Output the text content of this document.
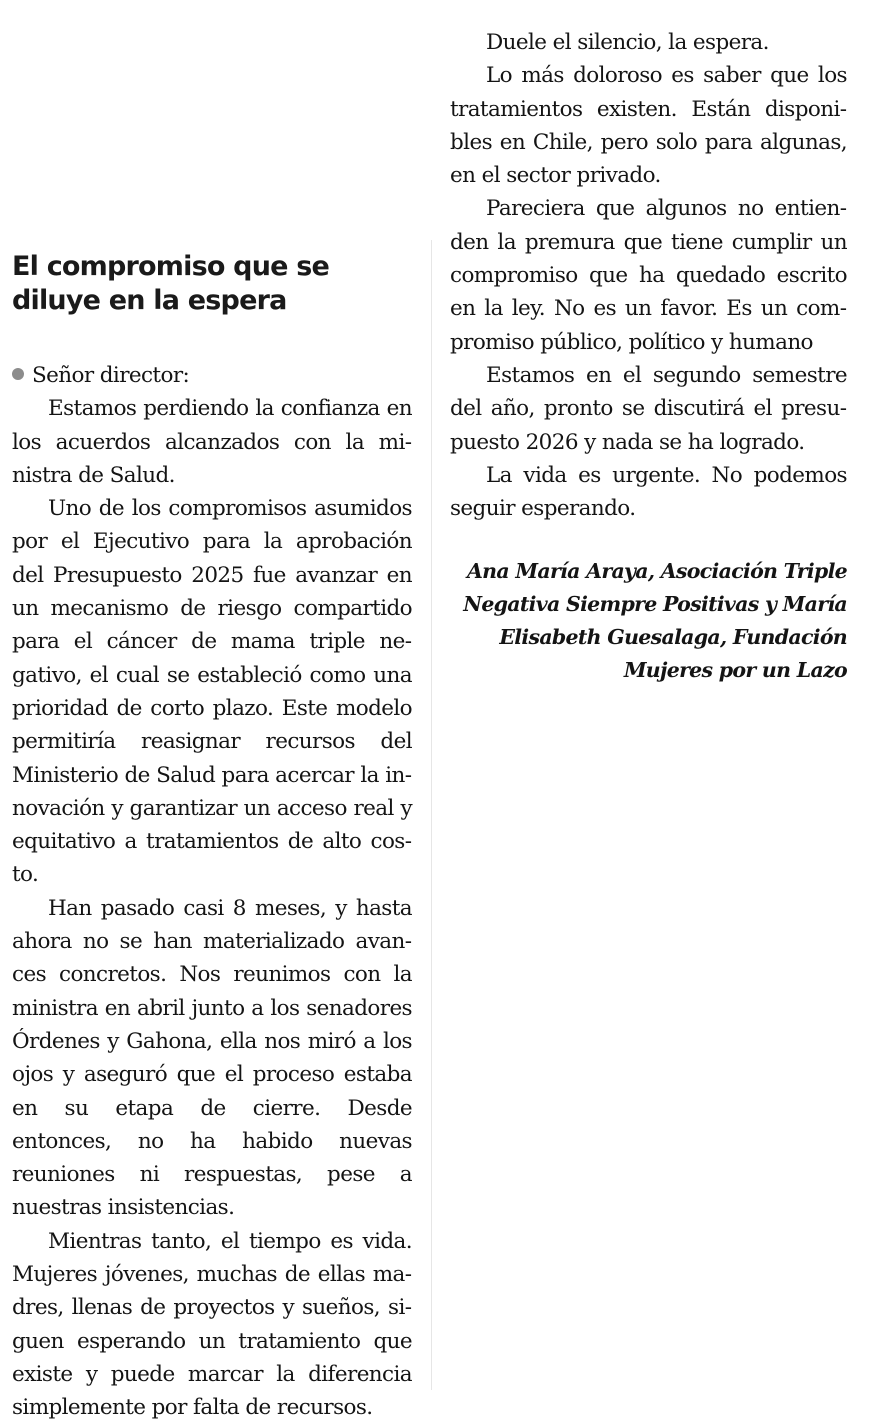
El compromiso que se diluye en la espera

Señor director:

Estamos perdiendo la confianza en los acuerdos alcanzados con la ministra de Salud.

Uno de los compromisos asumidos por el Ejecutivo para la aprobación del Presupuesto 2025 fue avanzar en un mecanismo de riesgo compartido para el cáncer de mama triple negativo, el cual se estableció como una prioridad de corto plazo. Este modelo permitiría reasignar recursos del Ministerio de Salud para acercar la innovación y garantizar un acceso real y equitativo a tratamientos de alto costo.

Han pasado casi 8 meses, y hasta ahora no se han materializado avances concretos. Nos reunimos con la ministra en abril junto a los senadores Órdenes y Gahona, ella nos miró a los ojos y aseguró que el proceso estaba en su etapa de cierre. Desde entonces, no ha habido nuevas reuniones ni respuestas, pese a nuestras insistencias.

Mientras tanto, el tiempo es vida. Mujeres jóvenes, muchas de ellas madres, llenas de proyectos y sueños, siguen esperando un tratamiento que existe y puede marcar la diferencia simplemente por falta de recursos.

Duele el silencio, la espera.

Lo más doloroso es saber que los tratamientos existen. Están disponibles en Chile, pero solo para algunas, en el sector privado.

Pareciera que algunos no entienden la premura que tiene cumplir un compromiso que ha quedado escrito en la ley. No es un favor. Es un compromiso público, político y humano

Estamos en el segundo semestre del año, pronto se discutirá el presupuesto 2026 y nada se ha logrado.

La vida es urgente. No podemos seguir esperando.

Ana María Araya, Asociación Triple Negativa Siempre Positivas y María Elisabeth Guesalaga, Fundación Mujeres por un Lazo
